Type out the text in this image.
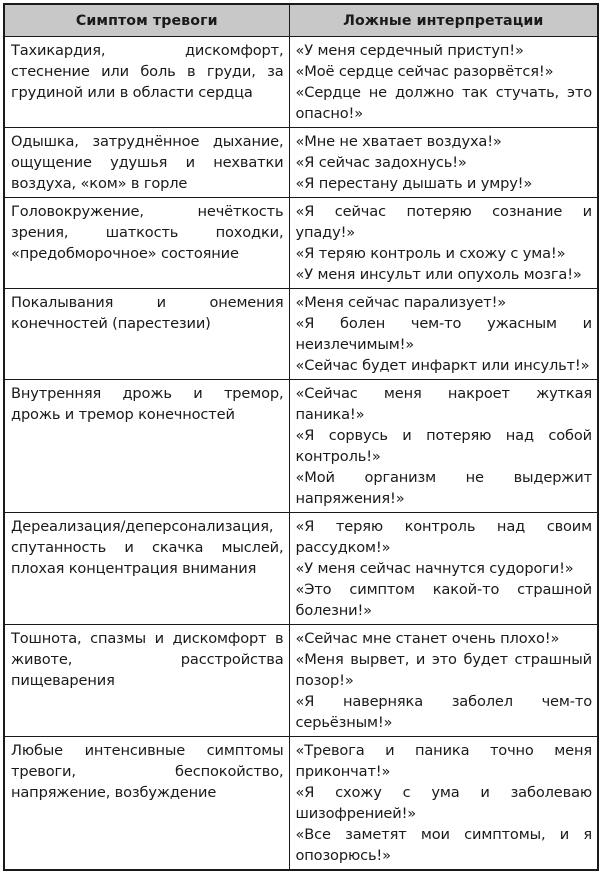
Симптом тревоги	Ложные интерпретации
Тахикардия, дискомфорт, стеснение или боль в груди, за грудиной или в области сердца	«У меня сердечный приступ!»
«Моё сердце сейчас разорвётся!»
«Сердце не должно так стучать, это опасно!»

Одышка, затруднённое дыхание, ощущение удушья и нехватки воздуха, «ком» в горле	«Мне не хватает воздуха!»
«Я сейчас задохнусь!»
«Я перестану дышать и умру!»

Головокружение, нечёткость зрения, шаткость походки, «предобморочное» состояние	«Я сейчас потеряю сознание и упаду!»
«Я теряю контроль и схожу с ума!»
«У меня инсульт или опухоль мозга!»

Покалывания и онемения конечностей (парестезии)	«Меня сейчас парализует!»
«Я болен чем-то ужасным и неизлечимым!»
«Сейчас будет инфаркт или инсульт!»

Внутренняя дрожь и тремор, дрожь и тремор конечностей	«Сейчас меня накроет жуткая паника!»
«Я сорвусь и потеряю над собой контроль!»
«Мой организм не выдержит напряжения!»

Дереализация/деперсонализация, спутанность и скачка мыслей, плохая концентрация внимания	«Я теряю контроль над своим рассудком!»
«У меня сейчас начнутся судороги!»
«Это симптом какой-то страшной болезни!»

Тошнота, спазмы и дискомфорт в животе, расстройства пищеварения	«Сейчас мне станет очень плохо!»
«Меня вырвет, и это будет страшный позор!»
«Я наверняка заболел чем-то серьёзным!»

Любые интенсивные симптомы тревоги, беспокойство, напряжение, возбуждение	«Тревога и паника точно меня прикончат!»
«Я схожу с ума и заболеваю шизофренией!»
«Все заметят мои симптомы, и я опозорюсь!»
